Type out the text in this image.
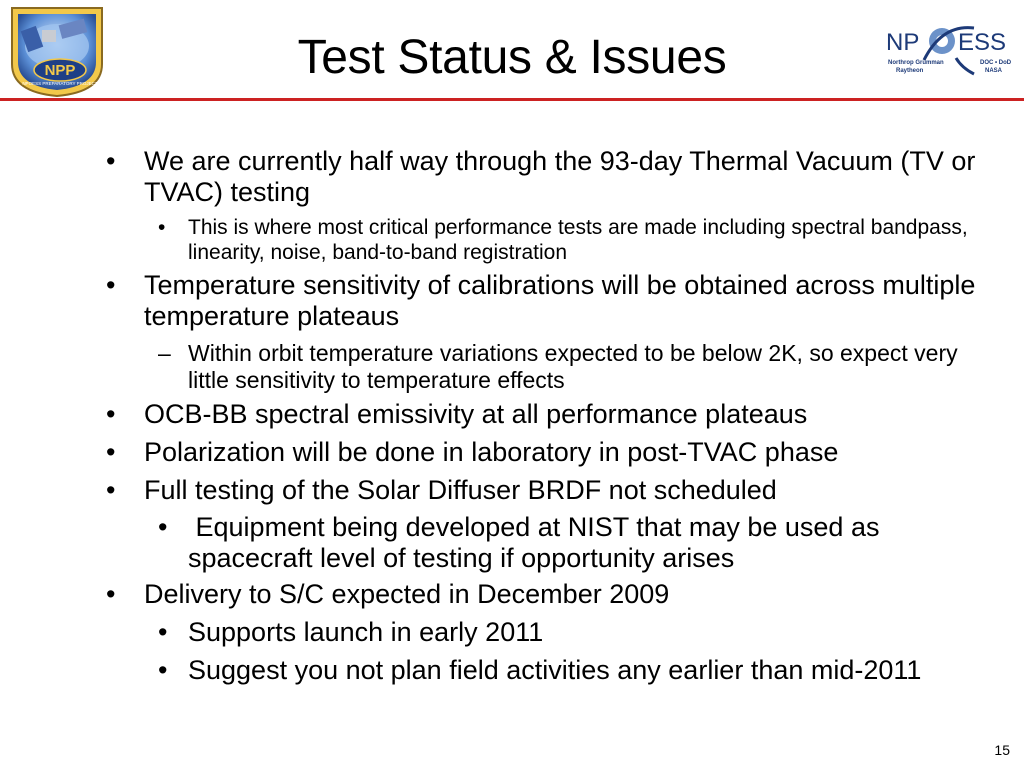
NPP
NPOESS PREPARATORY PROJECT
NP ESS
Northrop Grumman
Raytheon
DOC • DoD
NASA
Test Status & Issues
• We are currently half way through the 93-day Thermal Vacuum (TV or TVAC) testing
• This is where most critical performance tests are made including spectral bandpass, linearity, noise, band-to-band registration
• Temperature sensitivity of calibrations will be obtained across multiple temperature plateaus
– Within orbit temperature variations expected to be below 2K, so expect very little sensitivity to temperature effects
• OCB-BB spectral emissivity at all performance plateaus
• Polarization will be done in laboratory in post-TVAC phase
• Full testing of the Solar Diffuser BRDF not scheduled
• Equipment being developed at NIST that may be used as spacecraft level of testing if opportunity arises
• Delivery to S/C expected in December 2009
• Supports launch in early 2011
• Suggest you not plan field activities any earlier than mid-2011
15
